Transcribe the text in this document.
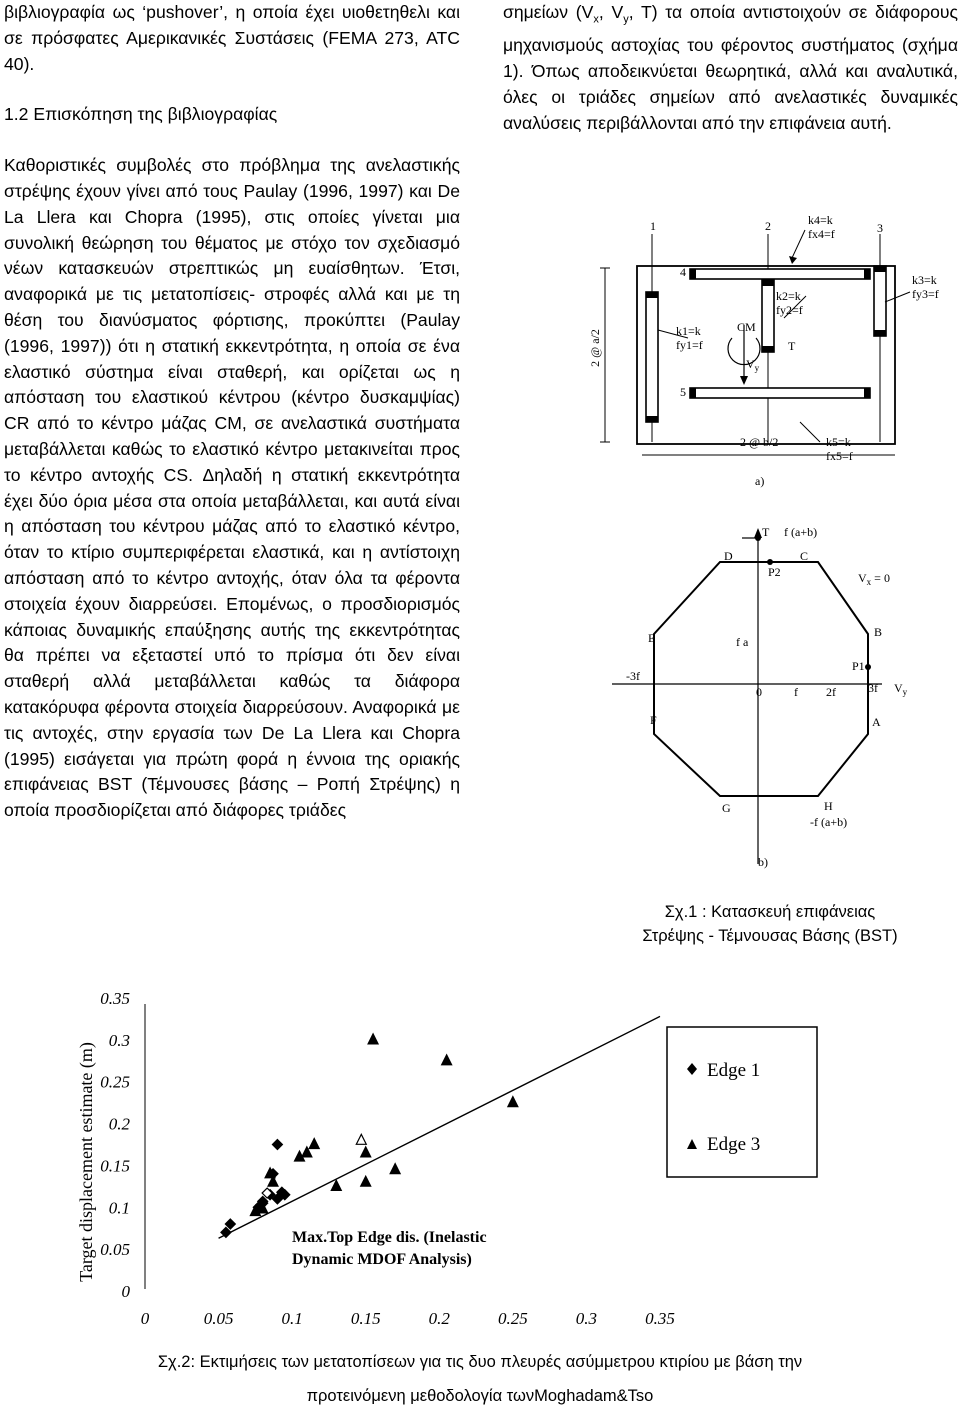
βιβλιογραφία ως ‘pushover’, η οποία έχει υιοθετηθελι και σε πρόσφατες Αμερικανικές Συστάσεις (FEMA 273, ATC 40).

1.2 Επισκόπηση της βιβλιογραφίας

Καθοριστικές συμβολές στο πρόβλημα της ανελαστικής στρέψης έχουν γίνει από τους Paulay (1996, 1997) και De La Llera και Chopra (1995), στις οποίες γίνεται μια συνολική θεώρηση του θέματος με στόχο τον σχεδιασμό νέων κατασκευών στρεπτικώς μη ευαίσθητων. Έτσι, αναφορικά με τις μετατοπίσεις- στροφές αλλά και με τη θέση του διανύσματος φόρτισης, προκύπτει (Paulay (1996, 1997)) ότι η στατική εκκεντρότητα, η οποία σε ένα ελαστικό σύστημα είναι σταθερή, και ορίζεται ως η απόσταση του ελαστικού κέντρου (κέντρο δυσκαμψίας) CR από το κέντρο μάζας CM, σε ανελαστικά συστήματα μεταβάλλεται καθώς το ελαστικό κέντρο μετακινείται προς το κέντρο αντοχής CS. Δηλαδή η στατική εκκεντρότητα έχει δύο όρια μέσα στα οποία μεταβάλλεται, και αυτά είναι η απόσταση του κέντρου μάζας από το ελαστικό κέντρο, όταν το κτίριο συμπεριφέρεται ελαστικά, και η αντίστοιχη απόσταση από το κέντρο αντοχής, όταν όλα τα φέροντα στοιχεία έχουν διαρρεύσει. Επομένως, ο προσδιορισμός κάποιας δυναμικής επαύξησης αυτής της εκκεντρότητας θα πρέπει να εξεταστεί υπό το πρίσμα ότι δεν είναι σταθερή αλλά μεταβάλλεται καθώς τα διάφορα κατακόρυφα φέροντα στοιχεία διαρρεύσουν. Αναφορικά με τις αντοχές, στην εργασία των De La Llera και Chopra (1995) εισάγεται για πρώτη φορά η έννοια της οριακής επιφάνειας BST (Τέμνουσες βάσης – Ροπή Στρέψης) η οποία προσδιορίζεται από διάφορες τριάδες

σημείων ($V_x$, $V_y$, T) τα οποία αντιστοιχούν σε διάφορους μηχανισμούς αστοχίας του φέροντος συστήματος (σχήμα 1). Όπως αποδεικνύεται θεωρητικά, αλλά και αναλυτικά, όλες οι τριάδες σημείων από ανελαστικές δυναμικές αναλύσεις περιβάλλονται από την επιφάνεια αυτή.

1	2	3
4
5
k4=k
fx4=f
k3=k
fy3=f
k2=k
fy2=f
k1=k
fy1=f
CM
T
$V_y$
2 @ a/2
2 @ b/2	k5=k
fx5=f
a)
T f (a+b)
D	C
P2	$V_x = 0$
E	B
f a
P1
-3f
0	f 2f	3f $V_y$
F	A
G	H
-f (a+b)
b)
Σχ.1 : Κατασκευή επιφάνειας
Στρέψης - Τέμνουσας Βάσης (BST)
0
0.05
0.1
0.15
0.2
0.25
0.3
0.35
0	0.05	0.1	0.15	0.2	0.25	0.3	0.35
Target displacement estimate (m)	Max.Top Edge dis. (Inelastic
Dynamic MDOF Analysis)
Edge 1
Edge 3
Σχ.2: Εκτιμήσεις των μετατοπίσεων για τις δυο πλευρές ασύμμετρου κτιρίου με βάση την
προτεινόμενη μεθοδολογία τωνMoghadam&Tso
